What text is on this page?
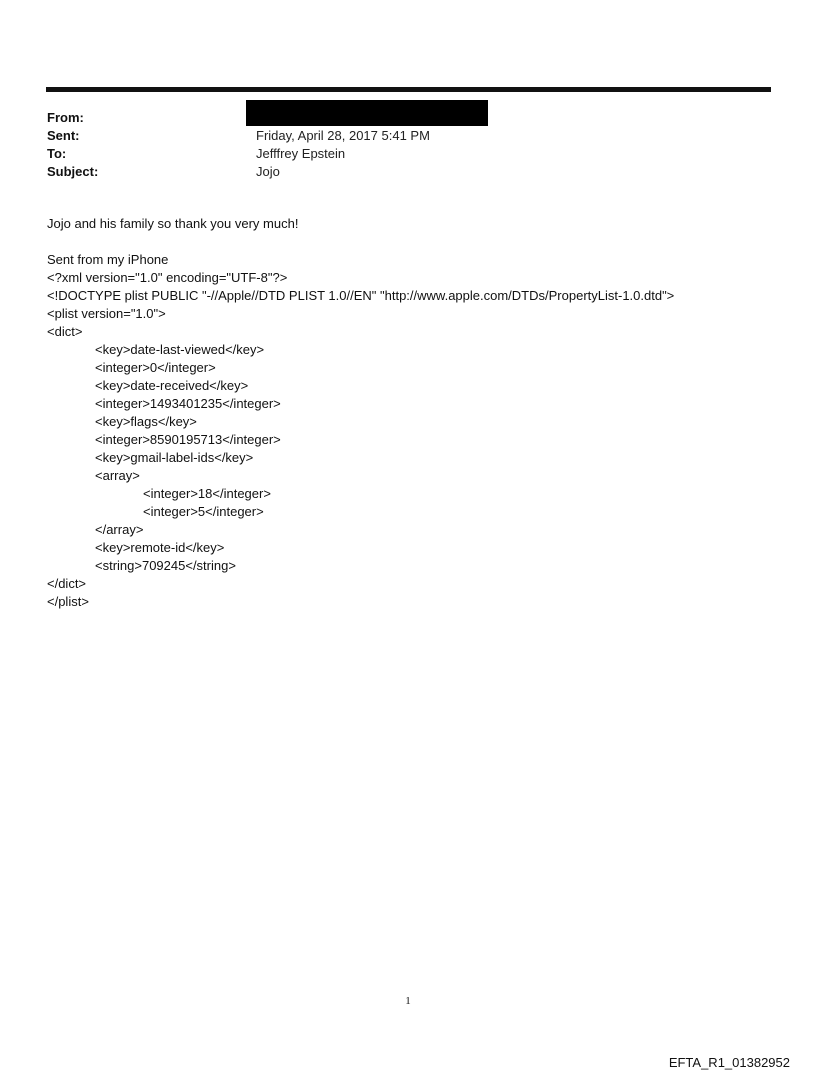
From:
Sent:	Friday, April 28, 2017 5:41 PM
To:	Jefffrey Epstein
Subject:	Jojo
Jojo and his family so thank you very much!
Sent from my iPhone
<?xml version="1.0" encoding="UTF-8"?>
<!DOCTYPE plist PUBLIC "-//Apple//DTD PLIST 1.0//EN" "http://www.apple.com/DTDs/PropertyList-1.0.dtd">
<plist version="1.0">
<dict>
<key>date-last-viewed</key>
<integer>0</integer>
<key>date-received</key>
<integer>1493401235</integer>
<key>flags</key>
<integer>8590195713</integer>
<key>gmail-label-ids</key>
<array>
<integer>18</integer>
<integer>5</integer>
</array>
<key>remote-id</key>
<string>709245</string>
</dict>
</plist>
1
EFTA_R1_01382952
